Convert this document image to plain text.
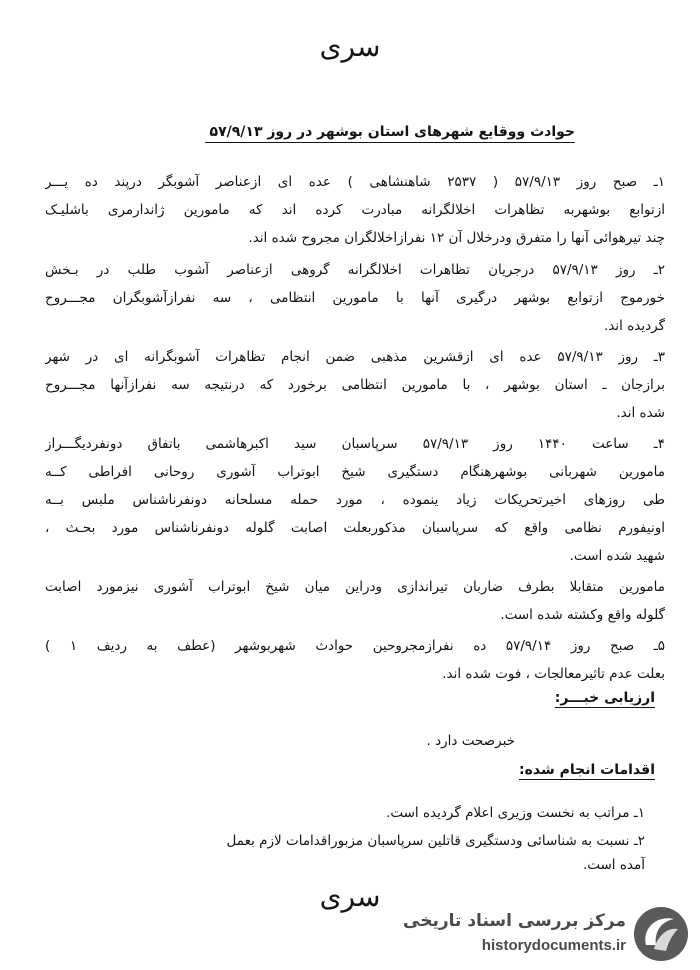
سری
حوادث ووقایع شهرهای استان بوشهر در روز ۵۷/۹/۱۳
۱ـ صبح روز ۵۷/۹/۱۳ ( ۲۵۳۷ شاهنشاهی ) عده ای ازعناصر آشوبگر درپند ده یـــر
ازتوابع بوشهربه تظاهرات اخلالگرانه مبادرت کرده اند که مامورین ژاندارمری باشلیـک
چند تیرهوائی آنها را متفرق ودرخلال آن ۱۲ نفرازاخلالگران مجروح شده اند.
۲ـ روز ۵۷/۹/۱۳ درجریان تظاهرات اخلالگرانه گروهی ازعناصر آشوب طلب در بـخش
خورموج ازتوابع بوشهر درگیری آنها با مامورین انتظامی ، سه نفرازآشوبگران مجـــروح
گردیده اند.
۳ـ روز ۵۷/۹/۱۳ عده ای ازقشرین مذهبی ضمن انجام تظاهرات آشوبگرانه ای در شهر
برازجان ـ استان بوشهر ، با مامورین انتظامی برخورد که درنتیجه سه نفرازآنها مجـــروح
شده اند.
۴ـ ساعت ۱۴۴۰ روز ۵۷/۹/۱۳ سرپاسبان سید اکبرهاشمی باتفاق دونفردیگـــراز
مامورین شهربانی بوشهرهنگام دستگیری شیخ ابوتراب آشوری روحانی افراطی کــه
طی روزهای اخیرتحریکات زیاد ینموده ، مورد حمله مسلحانه دونفرناشناس ملبس بــه
اونیفورم نظامی واقع که سرپاسبان مذکوربعلت اصابت گلوله دونفرناشناس مورد بحـث ،
شهید شده است.
مامورین متقابلا بطرف ضاربان تیراندازی ودراین میان شیخ ابوتراب آشوری نیزمورد اصابت
گلوله واقع وکشته شده است.
۵ـ صبح روز ۵۷/۹/۱۴ ده نفرازمجروحین حوادث شهربوشهر (عطف به ردیف ۱ )
بعلت عدم تاثیرمعالجات ، فوت شده اند.
ارزیابی خبـــر:
خبرصحت دارد .
اقدامات انجام شده:
۱ـ مراتب به نخست وزیری اعلام گردیده است.
۲ـ نسبت به شناسائی ودستگیری قاتلین سرپاسبان مزبوراقدامات لازم بعمل
آمده است.
سری
مرکز بررسی اسناد تاریخی
historydocuments.ir
